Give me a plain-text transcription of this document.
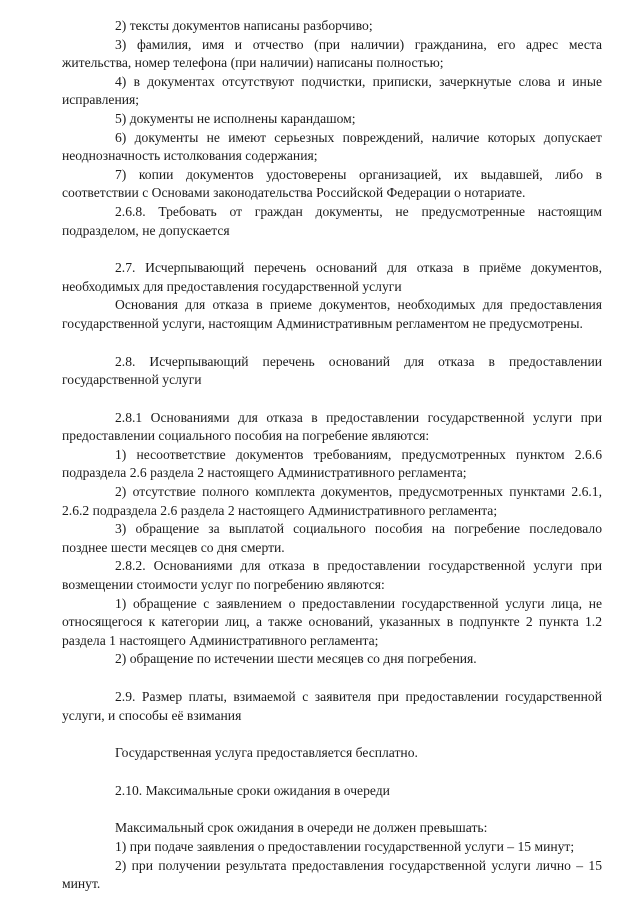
2) тексты документов написаны разборчиво;

3) фамилия, имя и отчество (при наличии) гражданина, его адрес места жительства, номер телефона (при наличии) написаны полностью;

4) в документах отсутствуют подчистки, приписки, зачеркнутые слова и иные исправления;

5) документы не исполнены карандашом;

6) документы не имеют серьезных повреждений, наличие которых допускает неоднозначность истолкования содержания;

7) копии документов удостоверены организацией, их выдавшей, либо в соответствии с Основами законодательства Российской Федерации о нотариате.

2.6.8. Требовать от граждан документы, не предусмотренные настоящим подразделом, не допускается

2.7. Исчерпывающий перечень оснований для отказа в приёме документов, необходимых для предоставления государственной услуги

Основания для отказа в приеме документов, необходимых для предоставления государственной услуги, настоящим Административным регламентом не предусмотрены.

2.8. Исчерпывающий перечень оснований для отказа в предоставлении государственной услуги

2.8.1 Основаниями для отказа в предоставлении государственной услуги при предоставлении социального пособия на погребение являются:

1) несоответствие документов требованиям, предусмотренных пунктом 2.6.6 подраздела 2.6 раздела 2 настоящего Административного регламента;

2) отсутствие полного комплекта документов, предусмотренных пунктами 2.6.1, 2.6.2 подраздела 2.6 раздела 2 настоящего Административного регламента;

3) обращение за выплатой социального пособия на погребение последовало позднее шести месяцев со дня смерти.

2.8.2. Основаниями для отказа в предоставлении государственной услуги при возмещении стоимости услуг по погребению являются:

1) обращение с заявлением о предоставлении государственной услуги лица, не относящегося к категории лиц, а также оснований, указанных в подпункте 2 пункта 1.2 раздела 1 настоящего Административного регламента;

2) обращение по истечении шести месяцев со дня погребения.

2.9. Размер платы, взимаемой с заявителя при предоставлении государственной услуги, и способы её взимания

Государственная услуга предоставляется бесплатно.

2.10. Максимальные сроки ожидания в очереди

Максимальный срок ожидания в очереди не должен превышать:

1) при подаче заявления о предоставлении государственной услуги – 15 минут;

2) при получении результата предоставления государственной услуги лично – 15 минут.
